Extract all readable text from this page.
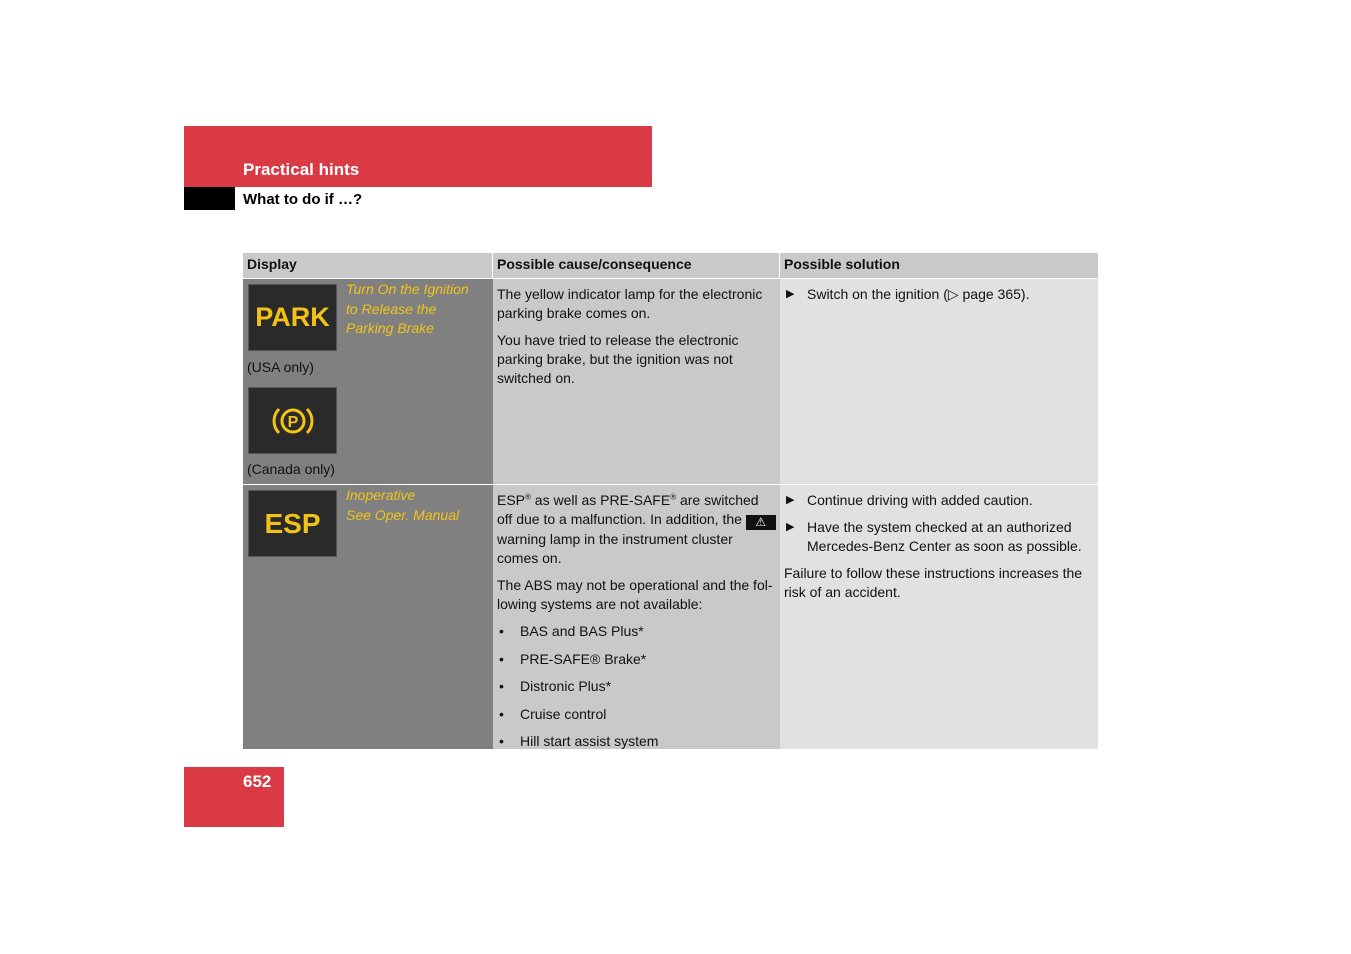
Practical hints
What to do if …?
Display	Possible cause/consequence	Possible solution
PARK
Turn On the Ignition
to Release the
Parking Brake
(USA only)
P
(Canada only)

The yellow indicator lamp for the electronic parking brake comes on.

You have tried to release the electronic parking brake, but the ignition was not switched on.

▶ Switch on the ignition (▷ page 365).
ESP
Inoperative
See Oper. Manual

ESP® as well as PRE-SAFE® are switched off due to a malfunction. In addition, the ⚠ warning lamp in the instrument cluster comes on.

The ABS may not be operational and the fol-lowing systems are not available:

• BAS and BAS Plus*
• PRE-SAFE® Brake*
• Distronic Plus*
• Cruise control
• Hill start assist system
▶ Continue driving with added caution.
▶ Have the system checked at an authorized Mercedes-Benz Center as soon as possible.

Failure to follow these instructions increases the risk of an accident.

652
